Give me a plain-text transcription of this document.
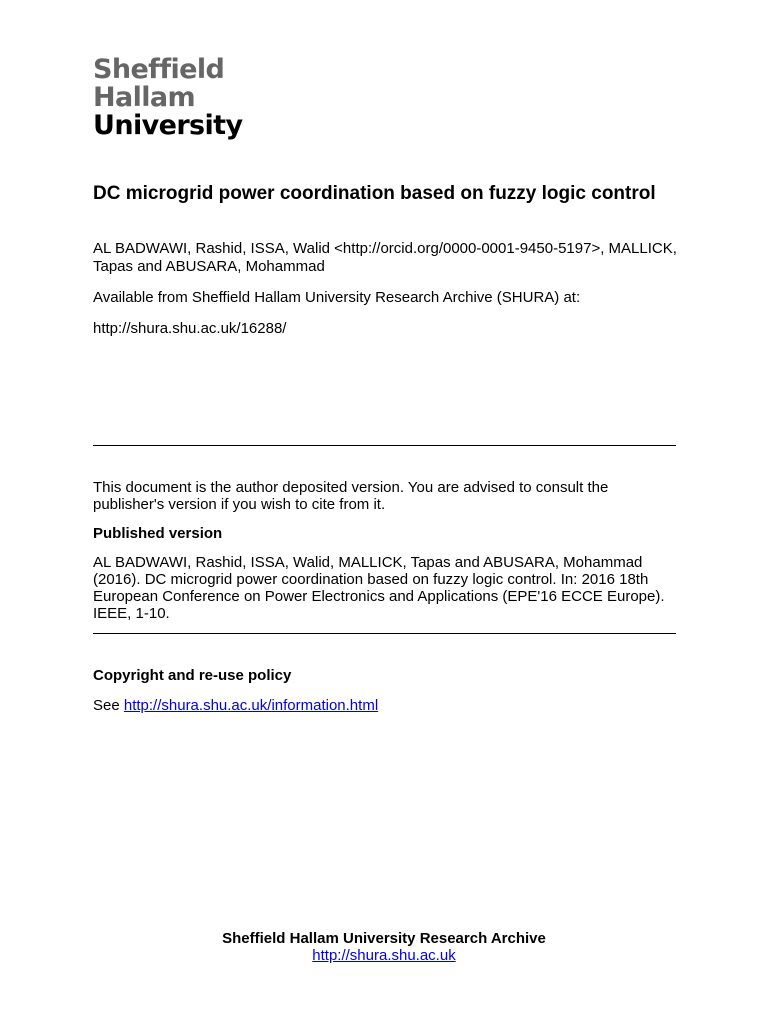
Sheffield
Hallam
University
DC microgrid power coordination based on fuzzy logic control
AL BADWAWI, Rashid, ISSA, Walid <http://orcid.org/0000-0001-9450-5197>, MALLICK, Tapas and ABUSARA, Mohammad
Available from Sheffield Hallam University Research Archive (SHURA) at:
http://shura.shu.ac.uk/16288/
This document is the author deposited version. You are advised to consult the publisher's version if you wish to cite from it.
Published version
AL BADWAWI, Rashid, ISSA, Walid, MALLICK, Tapas and ABUSARA, Mohammad (2016). DC microgrid power coordination based on fuzzy logic control. In: 2016 18th European Conference on Power Electronics and Applications (EPE'16 ECCE Europe). IEEE, 1-10.
Copyright and re-use policy
See http://shura.shu.ac.uk/information.html
Sheffield Hallam University Research Archive
http://shura.shu.ac.uk
